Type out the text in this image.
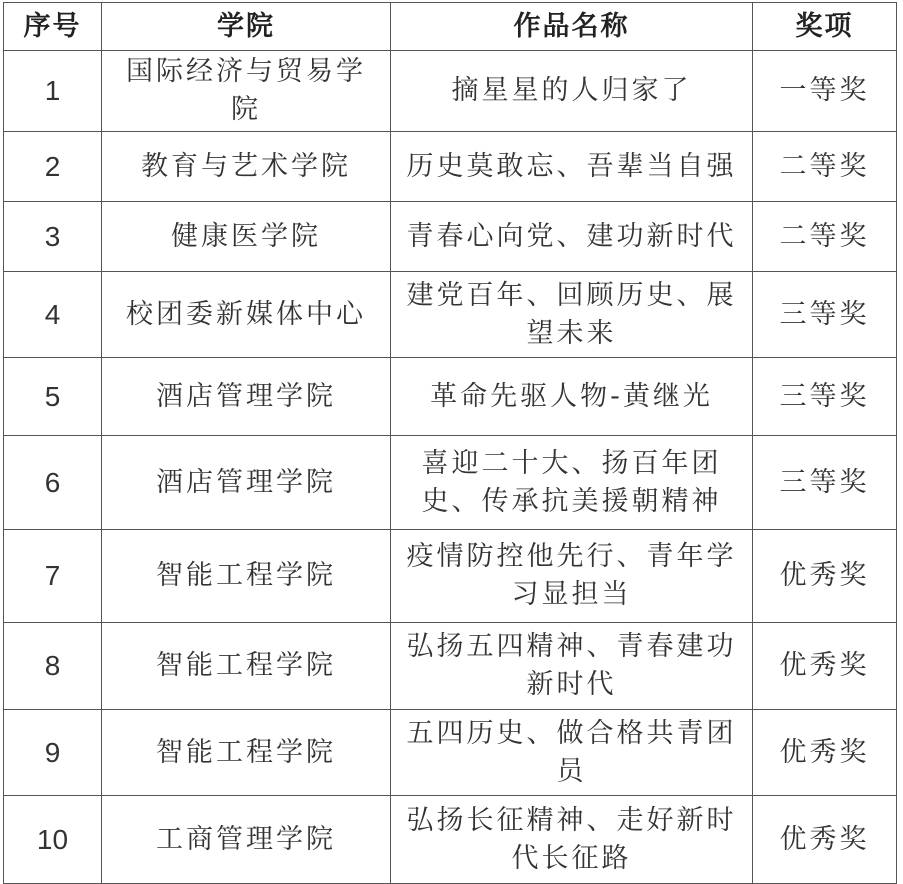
序号	学院	作品名称	奖项
1	国际经济与贸易学院	摘星星的人归家了	一等奖
2	教育与艺术学院	历史莫敢忘、吾辈当自强	二等奖
3	健康医学院	青春心向党、建功新时代	二等奖
4	校团委新媒体中心	建党百年、回顾历史、展望未来	三等奖
5	酒店管理学院	革命先驱人物-黄继光	三等奖
6	酒店管理学院	喜迎二十大、扬百年团史、传承抗美援朝精神	三等奖
7	智能工程学院	疫情防控他先行、青年学习显担当	优秀奖
8	智能工程学院	弘扬五四精神、青春建功新时代	优秀奖
9	智能工程学院	五四历史、做合格共青团员	优秀奖
10	工商管理学院	弘扬长征精神、走好新时代长征路	优秀奖
